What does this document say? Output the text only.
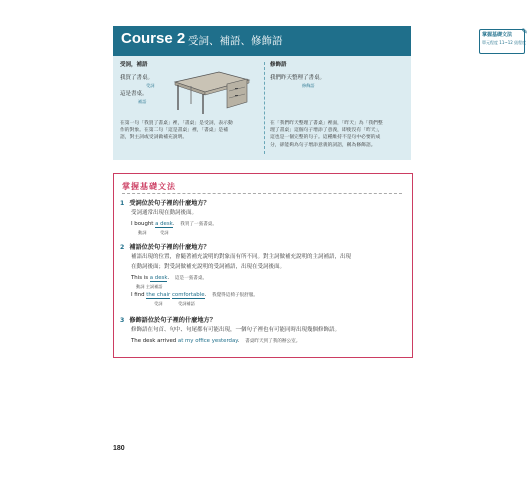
Course 2 受詞、補語、修飾語	掌握基礎文法
單元程度 11~12 級程度
✎
受詞，補語
我買了書桌。
受詞
這是書桌。
補語
修飾語
我們昨天整理了書桌。
修飾語
在第一句「我買了書桌」裡，「書桌」是受詞，表示動
作的對象。在第二句「這是書桌」裡，「書桌」是補
語，對主詞或受詞做補充說明。
在「我們昨天整理了書桌」裡面，「昨天」為「我們整
理了書桌」這個句子增添了意義，即使沒有「昨天」，
這也是一個完整的句子。這種維持不是句中必要的成
分，卻能夠為句子增添意義的詞語，稱為修飾語。
掌握基礎文法
1 受詞位於句子裡的什麼地方？
受詞通常出現在動詞後面。
I bought a desk. 我買了一張書桌。
動詞	受詞
2 補語位於句子裡的什麼地方？
補語出現的位置，會隨著補充說明的對象而有所不同。對主詞做補充說明的主詞補語，出現
在動詞後面；對受詞做補充說明的受詞補語，出現在受詞後面。
This is a desk. 這是一張書桌。
動詞 主詞補語
I find the chair comfortable. 我覺得這椅子很舒服。
受詞	受詞補語
3 修飾語位於句子裡的什麼地方？
修飾語在句首、句中、句尾都有可能出現，一個句子裡也有可能同時出現幾個修飾語。
The desk arrived at my office yesterday. 書桌昨天到了我的辦公室。
180
